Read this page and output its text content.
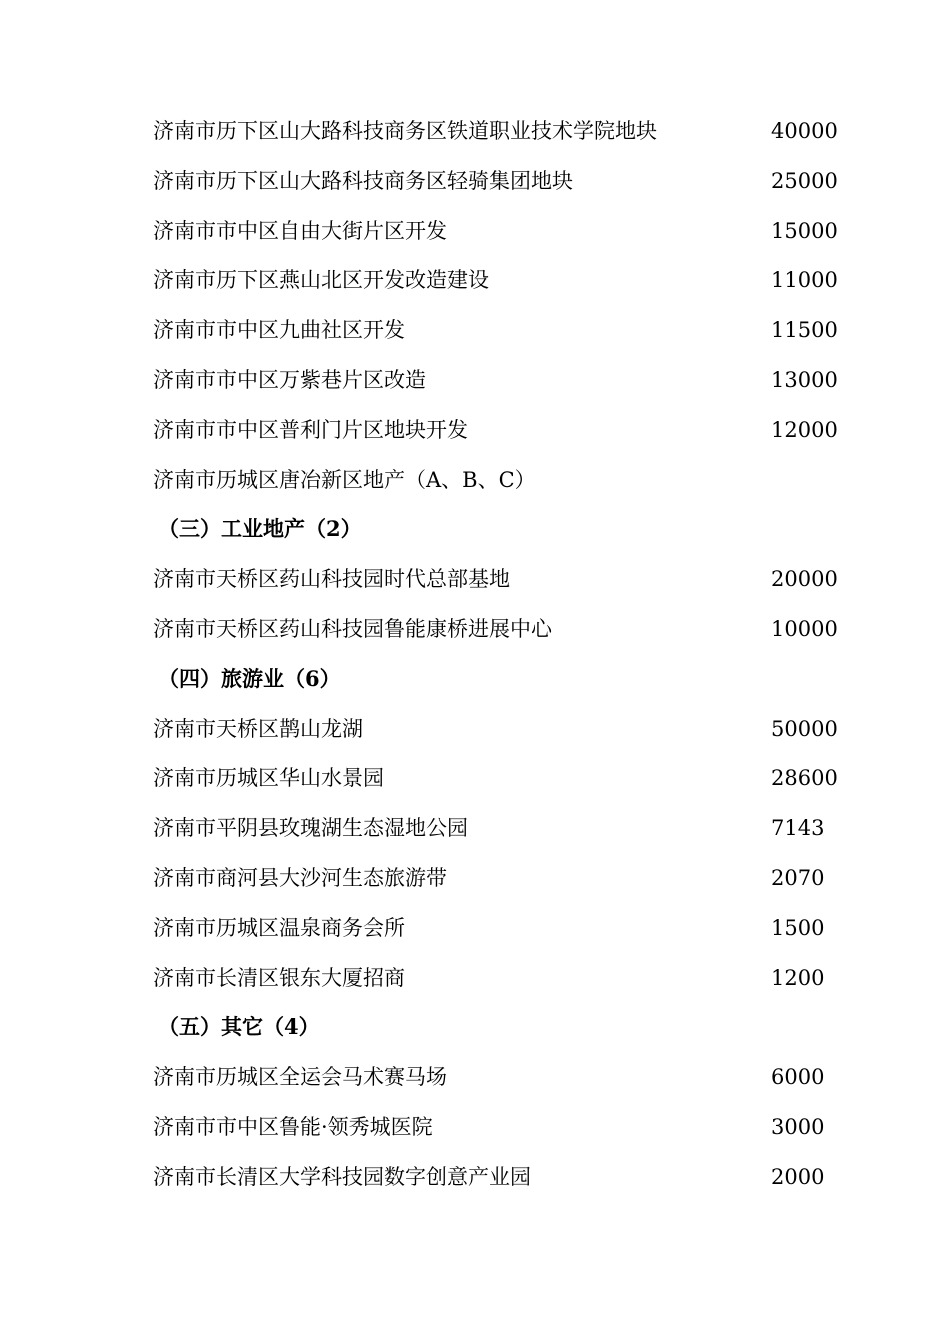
济南市历下区山大路科技商务区铁道职业技术学院地块	40000
济南市历下区山大路科技商务区轻骑集团地块	25000
济南市市中区自由大街片区开发	15000
济南市历下区燕山北区开发改造建设	11000
济南市市中区九曲社区开发	11500
济南市市中区万紫巷片区改造	13000
济南市市中区普利门片区地块开发	12000
济南市历城区唐冶新区地产（A、B、C）
（三）工业地产（2）
济南市天桥区药山科技园时代总部基地	20000
济南市天桥区药山科技园鲁能康桥进展中心	10000
（四）旅游业（6）
济南市天桥区鹊山龙湖	50000
济南市历城区华山水景园	28600
济南市平阴县玫瑰湖生态湿地公园	7143
济南市商河县大沙河生态旅游带	2070
济南市历城区温泉商务会所	1500
济南市长清区银东大厦招商	1200
（五）其它（4）
济南市历城区全运会马术赛马场	6000
济南市市中区鲁能·领秀城医院	3000
济南市长清区大学科技园数字创意产业园	2000
